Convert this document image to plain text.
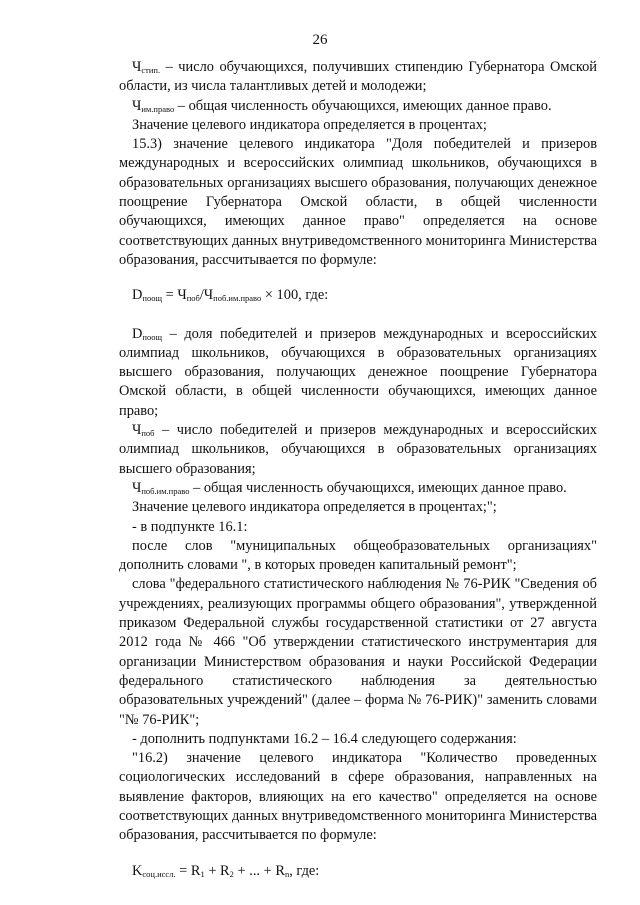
26

$Ч_{стип.}$ – число обучающихся, получивших стипендию Губернатора Омской области, из числа талантливых детей и молодежи;

$Ч_{им.право}$ – общая численность обучающихся, имеющих данное право.

Значение целевого индикатора определяется в процентах;

15.3) значение целевого индикатора "Доля победителей и призеров международных и всероссийских олимпиад школьников, обучающихся в образовательных организациях высшего образования, получающих денежное поощрение Губернатора Омской области, в общей численности обучающихся, имеющих данное право" определяется на основе соответствующих данных внутриведомственного мониторинга Министерства образования, рассчитывается по формуле:

$D_{поощ} = Ч_{поб}/Ч_{поб.им.право} \times 100$, где:

$D_{поощ}$ – доля победителей и призеров международных и всероссийских олимпиад школьников, обучающихся в образовательных организациях высшего образования, получающих денежное поощрение Губернатора Омской области, в общей численности обучающихся, имеющих данное право;

$Ч_{поб}$ – число победителей и призеров международных и всероссийских олимпиад школьников, обучающихся в образовательных организациях высшего образования;

$Ч_{поб.им.право}$ – общая численность обучающихся, имеющих данное право.

Значение целевого индикатора определяется в процентах;";

- в подпункте 16.1:

после слов "муниципальных общеобразовательных организациях" дополнить словами ", в которых проведен капитальный ремонт";

слова "федерального статистического наблюдения № 76-РИК "Сведения об учреждениях, реализующих программы общего образования", утвержденной приказом Федеральной службы государственной статистики от 27 августа 2012 года № 466 "Об утверждении статистического инструментария для организации Министерством образования и науки Российской Федерации федерального статистического наблюдения за деятельностью образовательных учреждений" (далее – форма № 76-РИК)" заменить словами "№ 76-РИК";

- дополнить подпунктами 16.2 – 16.4 следующего содержания:

"16.2) значение целевого индикатора "Количество проведенных социологических исследований в сфере образования, направленных на выявление факторов, влияющих на его качество" определяется на основе соответствующих данных внутриведомственного мониторинга Министерства образования, рассчитывается по формуле:

$K_{соц.иссл.} = R_1 + R_2$ + ... + $R_n$, где:
